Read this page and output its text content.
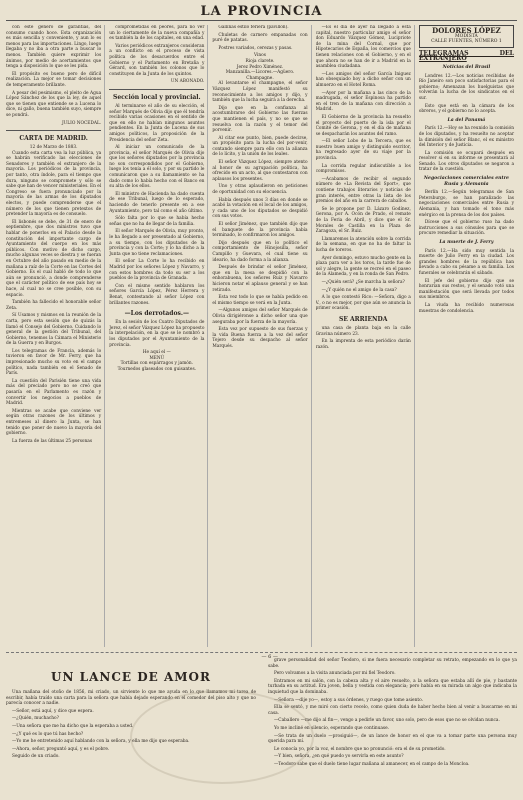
LA PROVINCIA

con este género de garantías, del consumo cuando hoce. Esta organización es más sencilla y conveniente, y aun lo es menos para las importaciones. Lingo, luego llegaba y no iba a otra parte a buscar lo menos. También quiere exprimir los ánimos, por medio de acertamientos que tenga a disposición lo que se les pida.

El propósito es bueno pero de difícil realización. La mejor se tomar decisiones de temperamento brillante.

A pesar del pesimismo, el pleito de Agua López Sánchez de los que la ley, de aquel que se tienen que entiende se a Lucena lo dice, ni gallo, buena también suyo, siempre se pondrá.

JULIO NOCEDAL.
CARTA DE MADRID.
12 de Marzo de 1883.

Cuando esta carta vea la luz pública, ya se habrán verificado las elecciones de Senadores y también el extranjero de la mayoría. Los periódicos de la provincia, por tanto, otra índole, para el tiempo que dura, ninguno se compromete y sólo se sabe que han de vencer ministeriales. En el Congreso se fuera pronunciado por la mayoría de las armas de los diputados electos, y puede comprenderse que el número de los que tienen pretextos de pretender la mayoría es de consuelo.

El lisbonés se debe, de 31 de enero de septiembre, que dos ministros tuvo que hablar de ponerlos en el Palacio desde la constitución del importante cargo de Ayuntamiento del cuerpo en los más públicos. Con motivo de dicho cargo, mucho algunas veces se diestra y se fueran en Octubre del año pasado en medio de la mañana a raíz de la Corte en las Cortes del Gobierno. Es el cual habló de todo lo que aún se pronunció, a donde comprenderse que el carácter político de ese país hoy se hace, al cual no se cree posible, con su espacio.

También ha fallecido el honorable señor Zeta.

Sí Usamos y mismos en la reunión de la carta, pero esta sesión que de quizás la llamó el Consejo del Gobierno. Cuidando lo general de la gestión del Tribunal, del Gobierno, tenemos la Cámara el Ministerio de la Guerra y en Burgos.

Los telegramas de Francia, además lo tuvieron en favor de Mr. Ferry, que ha impresionado mucho su voto en el campo político, nada también en el Senado de París.

La cuestión del Parisién tiene una vida más del preciado pero no se creó que pasaría en el Parlamento es razón y convertir los negocios a pueblos de Madrid.

Mientras se acabe que conviene ver según otras razones de los últimos y entremeses al dinero la Junta, se han tenido que poner de nuevo la mayoría del gobierno.

La fuerza de las últimas 25 personas

comprometidas en peores, para no ver un lo ciertamente de la nueva compañía y es también la de los capitales, en una edad.

Varios periódicos extranjeros consideran a un conflicto en el proceso de vista política de los desacuerdos entre el Gobierno y el Parlamento en Bretaña y Gérard, son también los colonos que lo constituyen de la Junta de los quintos.

UN ABONADO.
Sección local y provincial.

Al terminarse el año de su elección, el señor Marqués de Olivia dijo que él tendría recibido varias ocasiones en el sentido de que en ello no habían ningunos asuntos pendientes. En la Junta de Lucena de sus amigos políticos, la proposición de la Presidencia del señor Zeta.

Al iniciar un comunicado de la provincia, el señor Marqués de Olivia dijo que los señores diputados por la provincia no son correspondidos por el Gobierno, luego los tenía a él solo, y por su partido le comunicaron que a su llamamiento se ha dado como lo había hecho con el Banco en su alta de los ellos.

El ministro de Hacienda ha dado cuenta de ese Tribunal, luego de lo esperado, haciendo de tenerlo presente en a ese Ayuntamiento, pero tal como el año último.

Sólo falta por lo que se había hecho señas que no ha de llegar de la familia.

El señor Marqués de Olivia, muy pronto, le ha llegado a ser presentado al Gobierno, a su tiempo, con los diputados de la provincia y con la Corte; y lo ha dicho a la Junta que no tiene reclamaciones.

El señor La Corte lo ha recibido en Madrid por los señores López y Navarro, y con estos hombres da todo su ser a los pueblos de la provincia de Granada.

Con el mismo sentido hablaron los señores García López, Pérez Herrera y Benat, contestando al señor López con brillantes razones.

—Los derrotados.—

En la sesión de los Cuatro Diputados de Jerez, el señor Vázquez López ha propuesto la interpelación, en la que se le nombró a los diputados por el Ayuntamiento de la provincia.

He aquí el —
MENÚ
Tortillas con espárragos y jamón.
Tournedos glaseados con guisantes.

Gallinas estilo feriera (pavillon).

Chuletas de carnero empanadas con puré de patatas.

Postres variados, cerezas y pasas.

Vinos
Rioja clarete.
Jerez Pedro Ximénez.
Manzanilla.—Licores.—Agüero.
Champagne.

Al levantarse el champagne, el señor Vázquez López manifestó su reconocimiento a los amigos y dijo, y también que la lucha seguirá a la derecha.

Dijo que en la confianza al acostumbrarse del Gobierno las fuerzas que mantienen el país, y no se que se resuelva con la razón y el temor del porvenir.

Al citar ese punto, bien, puede decirse, un propósito para la lucha del por-venir, contando siempre para ello con la alianza de lo lícito, y la unión de los leales.

El señor Vázquez López, siempre atento al honor de su agrupación política, ha ofrecido en un acto, al que contestaron con aplausos los presentes.

Uno y otras aplaudieron en peticiones de oportunidad con su elocuencia.

Había después unos 3 días en donde se acabó la votación en el local de los amigos, y cada uno de los diputados se despidió con sus votos.

El señor Jiménez, que también dijo que el banquete de la provincia había terminado, lo confirmaron los amigos.

Dijo después que en lo político el comportamiento de Hinojosilla, señor Campillo y Guevara, el cual tiene su ideario, ha dado forma a la alianza.

Después de brindar el señor Jiménez, que en la mesa se despidió con la enhorabuena, los señores Ruiz y Navarro hicieron notar el aplauso general y se han retirado.

Esta vez todo lo que se había pedido en el mismo tiempo se verá en la Junta.

—Algunos amigos del señor Marqués de Olivia dirigiéronse a dicho señor una que aseguraba por la fuerza de la mayoría.

Esta vez por supuesto de sus fuerzas y la vida Buena fuerza a la vez del señor Tejero desde su despacho al señor Marqués.

—Es el día de ayer ha llegado a esta capital, nuestro particular amigo el señor don Eduardo Vázquez Gómez, Lucipriote de la mina del Cornal, que por Hipotecarios de España, los comercios que tienen relaciones con el Gobierno, y en el que ahora no se han de ir a Madrid en la asamblea ciudadana.

—Los amigos del señor García Iniguez han obsequiado hoy a dicho señor con un almuerzo en el Hotel Roma.

—Ayer por la mañana a las cinco de la madrugada, el señor Espinosa ha partido en el tren de la mañana con dirección a Madrid.

El Gobierno de la provincia ha resuelto el proyecto del puerto de la isla por el Comité de Gerona, y en el día de mañana se despacharán los asuntos del ramo.

—El señor Lobo de la Tercera, que es nuestro buen amigo y distinguido escritor, ha regresado ayer de su viaje por la provincia.

La corrida regular indiscutible a los compromisos.

—Acabamos de recibir el segundo número de «La Revista del Sport», que contiene trabajos literarios y noticias de gran interés, entre otras la lista de los premios del año en la carrera de caballos.

Se le propone por D. Lázaro Godínez, Gerona, por A. Ocón de Prado, el remate de la Feria de Abril, y dice que el Sr. Morales de Castilla en la Plaza de Zaragoza, el Sr. Ruiz.

Llamaremos la atención sobre la corrida de la semana, en que no ha de faltar la lucha de toreros.

Ayer domingo, estuvo mucho gente en la plaza para ver a los toros, la tarde fue de sol y alegre, la gente se recreó en el paseo de la Alameda, y en la ronda de San Pedro.

—¿Quién será? ¿Se marcha la señora?

—¿Y quién no el amigo de la casa?

A lo que contestó Rico: —Señora, digo a V., o no es mejor, por que aún se anuncia la primer ocasión.

SE ARRIENDA

una casa de planta baja en la calle Gravina número 23.

En la imprenta de esta periódico darán razón.

DOLORES LÓPEZ
MODISTA
CALLE FUENTES, NÚMERO 1
TELEGRAMAS DEL EXTRANJERO
Noticias del Brasil

Londres 12.—Los noticias recibidas de Río Janeiro son poco satisfactorias para el gobierno; Amenazan los huelguistas que volverán la lucha de los sindicatos en el sur.

Esto que está en la cámara de los obreros, y el gobierno no lo acepta.

La del Panamá

París 12.—Hoy se ha reunido la comisión de los diputados, y ha resuelto no aceptar la dimisión del señor Blanc, el ex ministro del Interior y de Justicia.

La comisión se ocupará después en resolver si en su informe se presentará al Senado. Los otros diputados se negaron a tratar de la cuestión.

Negociaciones comerciales entre Rusia y Alemania

Berlín 12.—Según telegramas de San Petersburgo, se han paralizado las negociaciones comerciales entre Rusia y Alemania, y han tomado el tono más enérgico en la prensa de los dos países.

Dícese que el gobierno ruso ha dado instrucciones a sus cónsules para que se procure remediar la situación.

La muerte de J. Ferry

París 12.—Ha sido muy sentida la muerte de Julio Ferry en la ciudad. Los grandes hombres de la república han llevado a cabo su pésame a su familia. Los funerales se celebrarán el sábado.

El jefe del gobierno dijo que se honrarían sus restos, y el senado votó una manifestación que será llevada por todos sus miembros.

La viuda ha recibido numerosas muestras de condolencia.

— 6 —
UN LANCE DE AMOR

Una mañana del otoño de 1856, mi criado, un sirviente lo que me ayuda en lo que llamamos mi tarea de escribir, había traído una carta para la señora que había dejado esperando en el comedor del piso alto y que no parecía conocer a nadie.

—Señor, está aquí, y dice que espera.

—¿Quién, muchacho?

—Una señora que me ha dicho que la esperaba a usted.

—¿Y qué es lo que tú has hecho?

—Yo me he entretenido aquí hablando con la señora, y ella me dijo que esperaba.

—Ahora, señor, preguntó aquí, y es el pobre.

Seguido de un criado.

grave personalidad del señor Teodoro, si me fuera necesario completar su retrato, empezando en lo que ya sabe.

Pero volvamos a la visita anunciada por mi fiel Teodoro.

Entramos en mi salón, con la cabeza alta y el aire resuelto, a la señora que estaba allí de pie, y bastante turbada en su actitud. Era joven, bella y vestida con elegancia; pero había en su mirada un algo que indicaba la inquietud que la dominaba.

—Señora —dije yo—, estoy a sus órdenes, y ruego que tome asiento.

Ella se sentó, y me miró con cierto recelo, como quien duda de haber hecho bien al venir a buscarme en mi casa.

—Caballero —me dijo al fin—, vengo a pedirle un favor, uno solo, pero de esos que no se olvidan nunca.

Yo me incliné en silencio, esperando que continuase.

—Se trata de un duelo —prosiguió—, de un lance de honor en el que va a tomar parte una persona muy querida para mí.

Le conocía yo, por la voz, el nombre que no pronunció: era el de su prometido.

—Y bien, señora, ¿en qué puedo yo servirla en este asunto?

—Teodoro sabe que el duelo tiene lugar mañana al amanecer, en el campo de la Moncloa.
